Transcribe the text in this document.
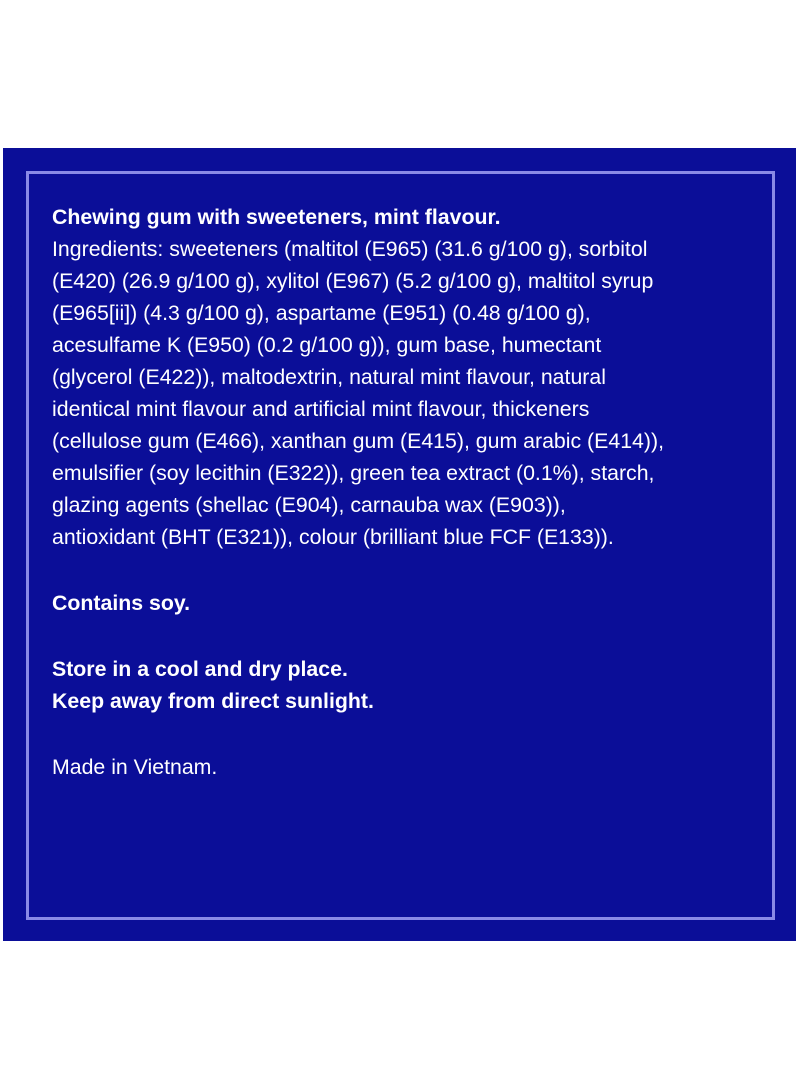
Chewing gum with sweeteners, mint flavour.
Ingredients: sweeteners (maltitol (E965) (31.6 g/100 g), sorbitol
(E420) (26.9 g/100 g), xylitol (E967) (5.2 g/100 g), maltitol syrup
(E965[ii]) (4.3 g/100 g), aspartame (E951) (0.48 g/100 g),
acesulfame K (E950) (0.2 g/100 g)), gum base, humectant
(glycerol (E422)), maltodextrin, natural mint flavour, natural
identical mint flavour and artificial mint flavour, thickeners
(cellulose gum (E466), xanthan gum (E415), gum arabic (E414)),
emulsifier (soy lecithin (E322)), green tea extract (0.1%), starch,
glazing agents (shellac (E904), carnauba wax (E903)),
antioxidant (BHT (E321)), colour (brilliant blue FCF (E133)).
Contains soy.
Store in a cool and dry place.
Keep away from direct sunlight.
Made in Vietnam.
